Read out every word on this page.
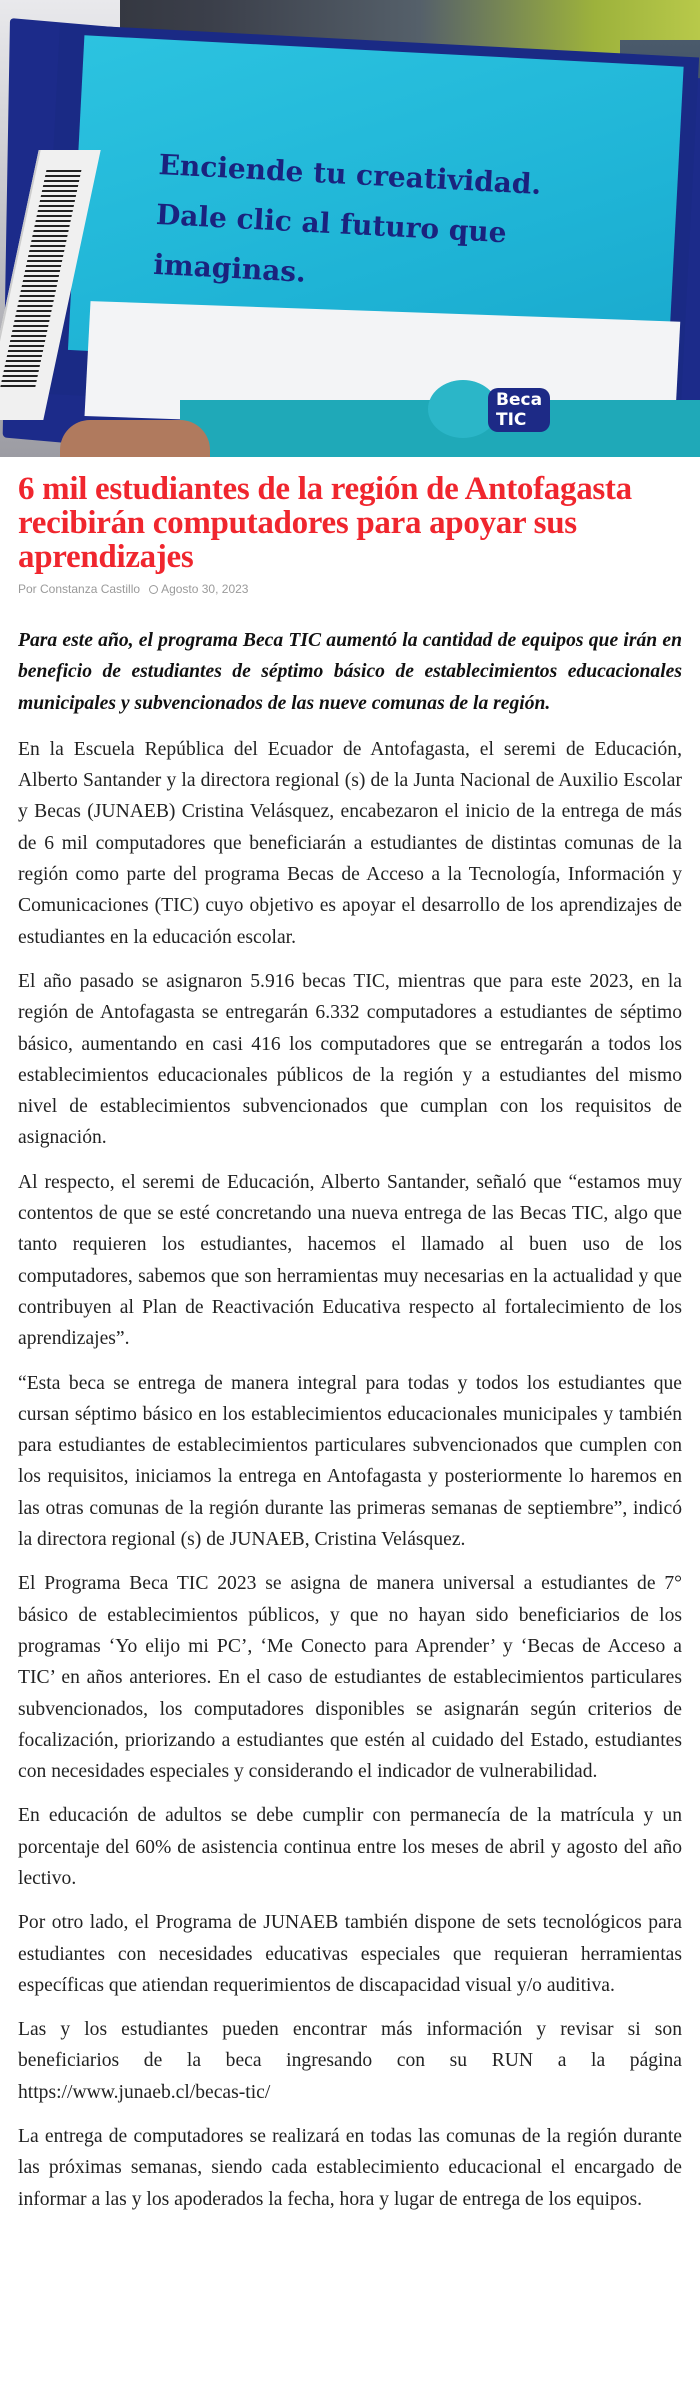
Enciende tu creatividad.
Dale clic al futuro que
imaginas.
Beca
TIC
6 mil estudiantes de la región de Antofagasta recibirán computadores para apoyar sus aprendizajes
Por Constanza Castillo Agosto 30, 2023

Para este año, el programa Beca TIC aumentó la cantidad de equipos que irán en beneficio de estudiantes de séptimo básico de establecimientos educacionales municipales y subvencionados de las nueve comunas de la región.

En la Escuela República del Ecuador de Antofagasta, el seremi de Educación, Alberto Santander y la directora regional (s) de la Junta Nacional de Auxilio Escolar y Becas (JUNAEB) Cristina Velásquez, encabezaron el inicio de la entrega de más de 6 mil computadores que beneficiarán a estudiantes de distintas comunas de la región como parte del programa Becas de Acceso a la Tecnología, Información y Comunicaciones (TIC) cuyo objetivo es apoyar el desarrollo de los aprendizajes de estudiantes en la educación escolar.

El año pasado se asignaron 5.916 becas TIC, mientras que para este 2023, en la región de Antofagasta se entregarán 6.332 computadores a estudiantes de séptimo básico, aumentando en casi 416 los computadores que se entregarán a todos los establecimientos educacionales públicos de la región y a estudiantes del mismo nivel de establecimientos subvencionados que cumplan con los requisitos de asignación.

Al respecto, el seremi de Educación, Alberto Santander, señaló que “estamos muy contentos de que se esté concretando una nueva entrega de las Becas TIC, algo que tanto requieren los estudiantes, hacemos el llamado al buen uso de los computadores, sabemos que son herramientas muy necesarias en la actualidad y que contribuyen al Plan de Reactivación Educativa respecto al fortalecimiento de los aprendizajes”.

“Esta beca se entrega de manera integral para todas y todos los estudiantes que cursan séptimo básico en los establecimientos educacionales municipales y también para estudiantes de establecimientos particulares subvencionados que cumplen con los requisitos, iniciamos la entrega en Antofagasta y posteriormente lo haremos en las otras comunas de la región durante las primeras semanas de septiembre”, indicó la directora regional (s) de JUNAEB, Cristina Velásquez.

El Programa Beca TIC 2023 se asigna de manera universal a estudiantes de 7° básico de establecimientos públicos, y que no hayan sido beneficiarios de los programas ‘Yo elijo mi PC’, ‘Me Conecto para Aprender’ y ‘Becas de Acceso a TIC’ en años anteriores. En el caso de estudiantes de establecimientos particulares subvencionados, los computadores disponibles se asignarán según criterios de focalización, priorizando a estudiantes que estén al cuidado del Estado, estudiantes con necesidades especiales y considerando el indicador de vulnerabilidad.

En educación de adultos se debe cumplir con permanecía de la matrícula y un porcentaje del 60% de asistencia continua entre los meses de abril y agosto del año lectivo.

Por otro lado, el Programa de JUNAEB también dispone de sets tecnológicos para estudiantes con necesidades educativas especiales que requieran herramientas específicas que atiendan requerimientos de discapacidad visual y/o auditiva.

Las y los estudiantes pueden encontrar más información y revisar si son beneficiarios de la beca ingresando con su RUN a la página https://www.junaeb.cl/becas-tic/

La entrega de computadores se realizará en todas las comunas de la región durante las próximas semanas, siendo cada establecimiento educacional el encargado de informar a las y los apoderados la fecha, hora y lugar de entrega de los equipos.
